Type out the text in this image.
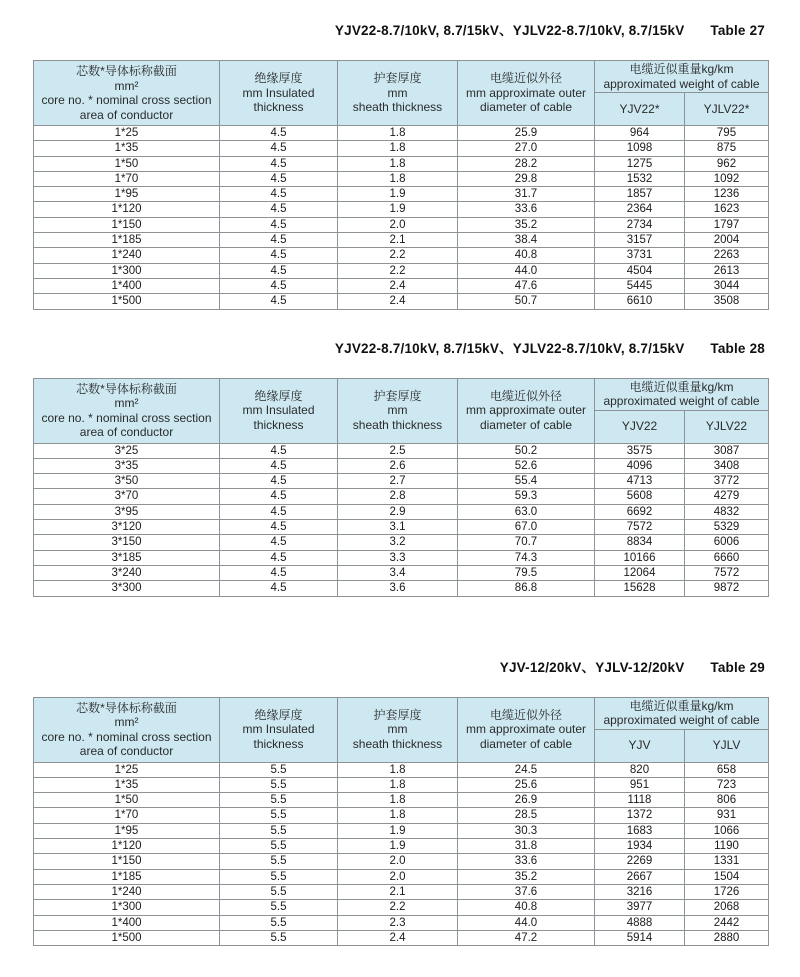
YJV22-8.7/10kV, 8.7/15kV、YJLV22-8.7/10kV, 8.7/15kV Table 27
芯数*导体标称截面
mm²
core no. * nominal cross section
area of conductor

绝缘厚度
mm Insulated
thickness

护套厚度
mm
sheath thickness

电缆近似外径
mm approximate outer
diameter of cable

电缆近似重量kg/km
approximated weight of cable

				YJV22*	YJLV22*
1*25	4.5	1.8	25.9	964	795
1*35	4.5	1.8	27.0	1098	875
1*50	4.5	1.8	28.2	1275	962
1*70	4.5	1.8	29.8	1532	1092
1*95	4.5	1.9	31.7	1857	1236
1*120	4.5	1.9	33.6	2364	1623
1*150	4.5	2.0	35.2	2734	1797
1*185	4.5	2.1	38.4	3157	2004
1*240	4.5	2.2	40.8	3731	2263
1*300	4.5	2.2	44.0	4504	2613
1*400	4.5	2.4	47.6	5445	3044
1*500	4.5	2.4	50.7	6610	3508
YJV22-8.7/10kV, 8.7/15kV、YJLV22-8.7/10kV, 8.7/15kV Table 28
芯数*导体标称截面
mm²
core no. * nominal cross section
area of conductor

绝缘厚度
mm Insulated
thickness

护套厚度
mm
sheath thickness

电缆近似外径
mm approximate outer
diameter of cable

电缆近似重量kg/km
approximated weight of cable

				YJV22	YJLV22
3*25	4.5	2.5	50.2	3575	3087
3*35	4.5	2.6	52.6	4096	3408
3*50	4.5	2.7	55.4	4713	3772
3*70	4.5	2.8	59.3	5608	4279
3*95	4.5	2.9	63.0	6692	4832
3*120	4.5	3.1	67.0	7572	5329
3*150	4.5	3.2	70.7	8834	6006
3*185	4.5	3.3	74.3	10166	6660
3*240	4.5	3.4	79.5	12064	7572
3*300	4.5	3.6	86.8	15628	9872
YJV-12/20kV、YJLV-12/20kV Table 29
芯数*导体标称截面
mm²
core no. * nominal cross section
area of conductor

绝缘厚度
mm Insulated
thickness

护套厚度
mm
sheath thickness

电缆近似外径
mm approximate outer
diameter of cable

电缆近似重量kg/km
approximated weight of cable

				YJV	YJLV
1*25	5.5	1.8	24.5	820	658
1*35	5.5	1.8	25.6	951	723
1*50	5.5	1.8	26.9	1118	806
1*70	5.5	1.8	28.5	1372	931
1*95	5.5	1.9	30.3	1683	1066
1*120	5.5	1.9	31.8	1934	1190
1*150	5.5	2.0	33.6	2269	1331
1*185	5.5	2.0	35.2	2667	1504
1*240	5.5	2.1	37.6	3216	1726
1*300	5.5	2.2	40.8	3977	2068
1*400	5.5	2.3	44.0	4888	2442
1*500	5.5	2.4	47.2	5914	2880
